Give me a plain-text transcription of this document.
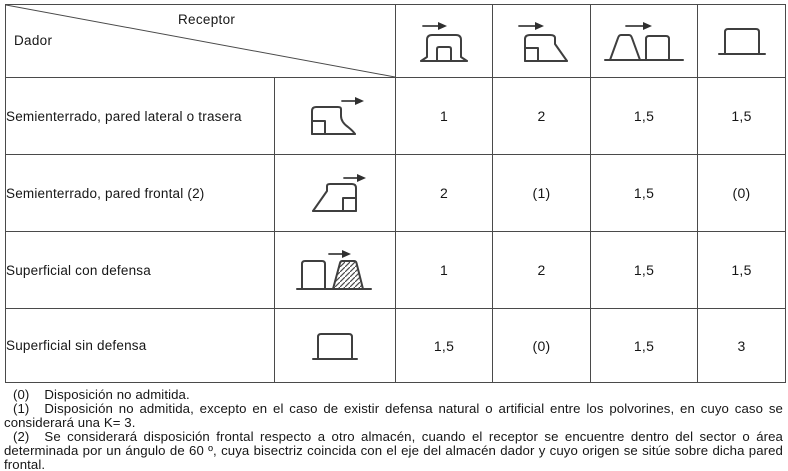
Receptor
Dador

Semienterrado, pared lateral o trasera		1	2	1,5	1,5
Semienterrado, pared frontal (2)		2	(1)	1,5	(0)
Superficial con defensa		1	2	1,5	1,5
Superficial sin defensa		1,5	(0)	1,5	3

(0) Disposición no admitida.

(1) Disposición no admitida, excepto en el caso de existir defensa natural o artificial entre los polvorines, en cuyo caso se considerará una K= 3.

(2) Se considerará disposición frontal respecto a otro almacén, cuando el receptor se encuentre dentro del sector o área determinada por un ángulo de 60 º, cuya bisectriz coincida con el eje del almacén dador y cuyo origen se sitúe sobre dicha pared frontal.
